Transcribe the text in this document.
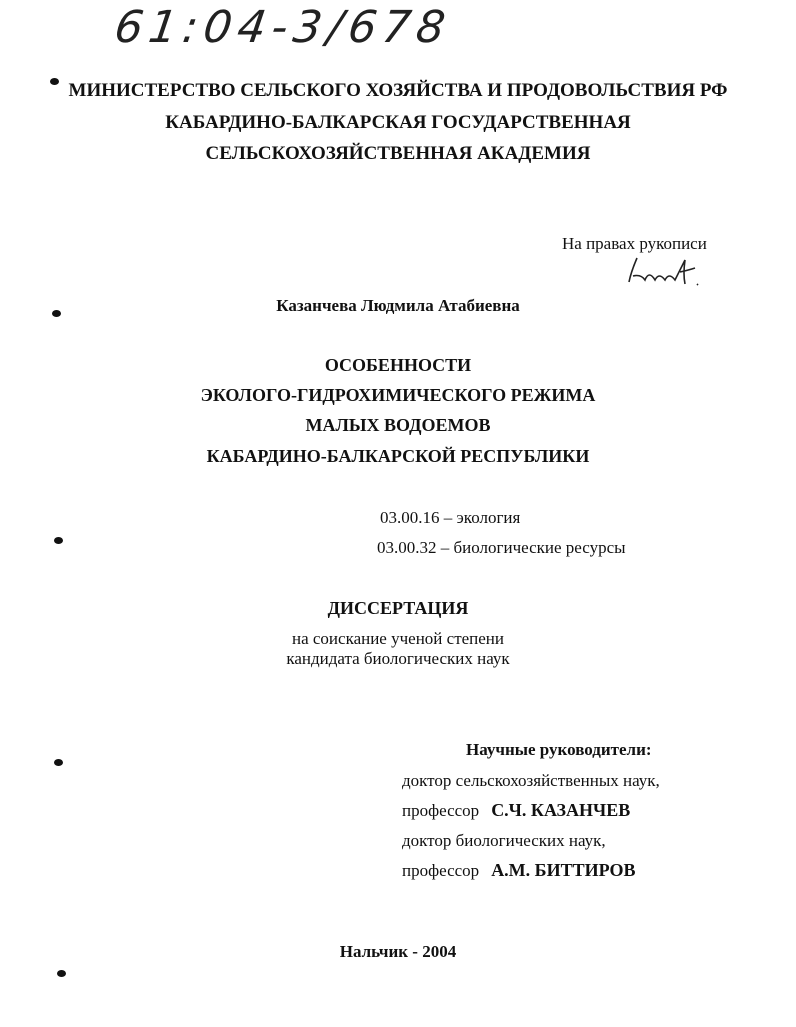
61:04-3/678
МИНИСТЕРСТВО СЕЛЬСКОГО ХОЗЯЙСТВА И ПРОДОВОЛЬСТВИЯ РФ
КАБАРДИНО-БАЛКАРСКАЯ ГОСУДАРСТВЕННАЯ
СЕЛЬСКОХОЗЯЙСТВЕННАЯ АКАДЕМИЯ
На правах рукописи
Казанчева Людмила Атабиевна
ОСОБЕННОСТИ
ЭКОЛОГО-ГИДРОХИМИЧЕСКОГО РЕЖИМА
МАЛЫХ ВОДОЕМОВ
КАБАРДИНО-БАЛКАРСКОЙ РЕСПУБЛИКИ
03.00.16 – экология
03.00.32 – биологические ресурсы
ДИССЕРТАЦИЯ
на соискание ученой степени
кандидата биологических наук
Научные руководители:
доктор сельскохозяйственных наук,
профессор С.Ч. КАЗАНЧЕВ
доктор биологических наук,
профессор А.М. БИТТИРОВ
Нальчик - 2004
